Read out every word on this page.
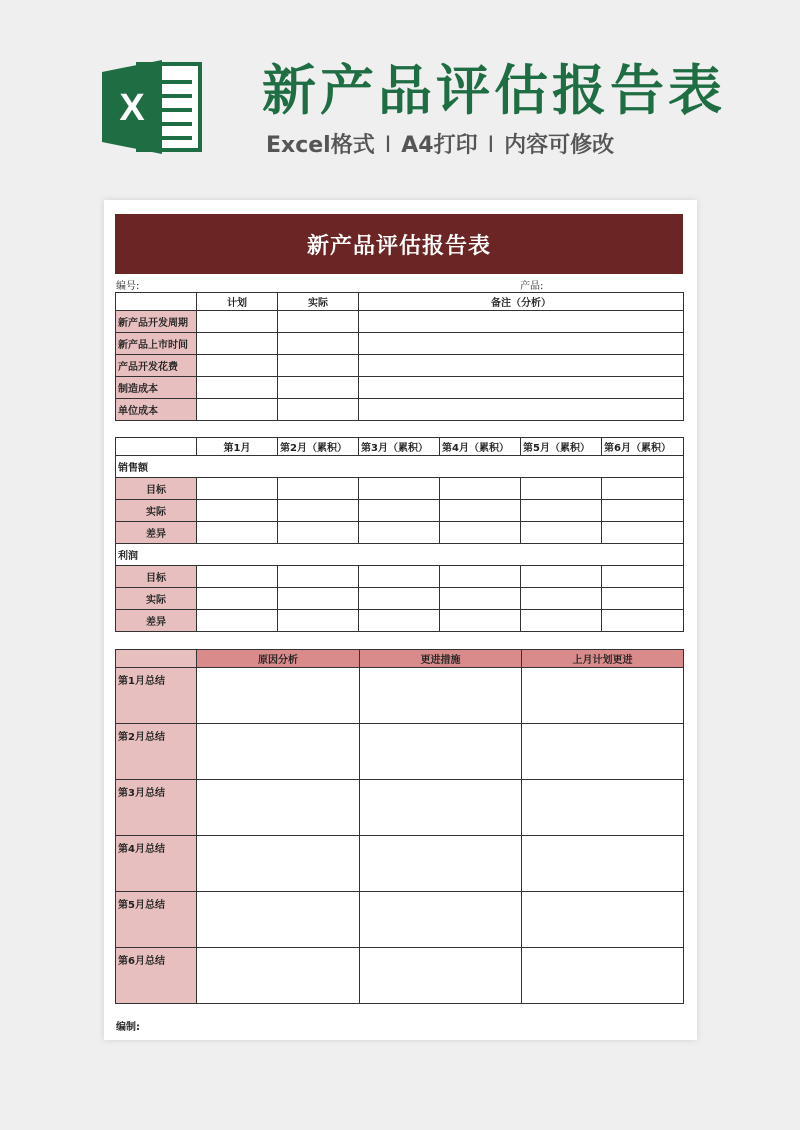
X 新产品评估报告表
Excel格式 I A4打印 I 内容可修改
新产品评估报告表
编号:	产品:
	计划	实际	备注（分析）
新产品开发周期			
新产品上市时间			
产品开发花费			
制造成本			
单位成本			
	第1月	第2月（累积）	第3月（累积）	第4月（累积）	第5月（累积）	第6月（累积）
销售额						
目标						
实际						
差异						
利润						
目标						
实际						
差异						
	原因分析	更进措施	上月计划更进
第1月总结			
第2月总结			
第3月总结			
第4月总结			
第5月总结			
第6月总结			
编制:
